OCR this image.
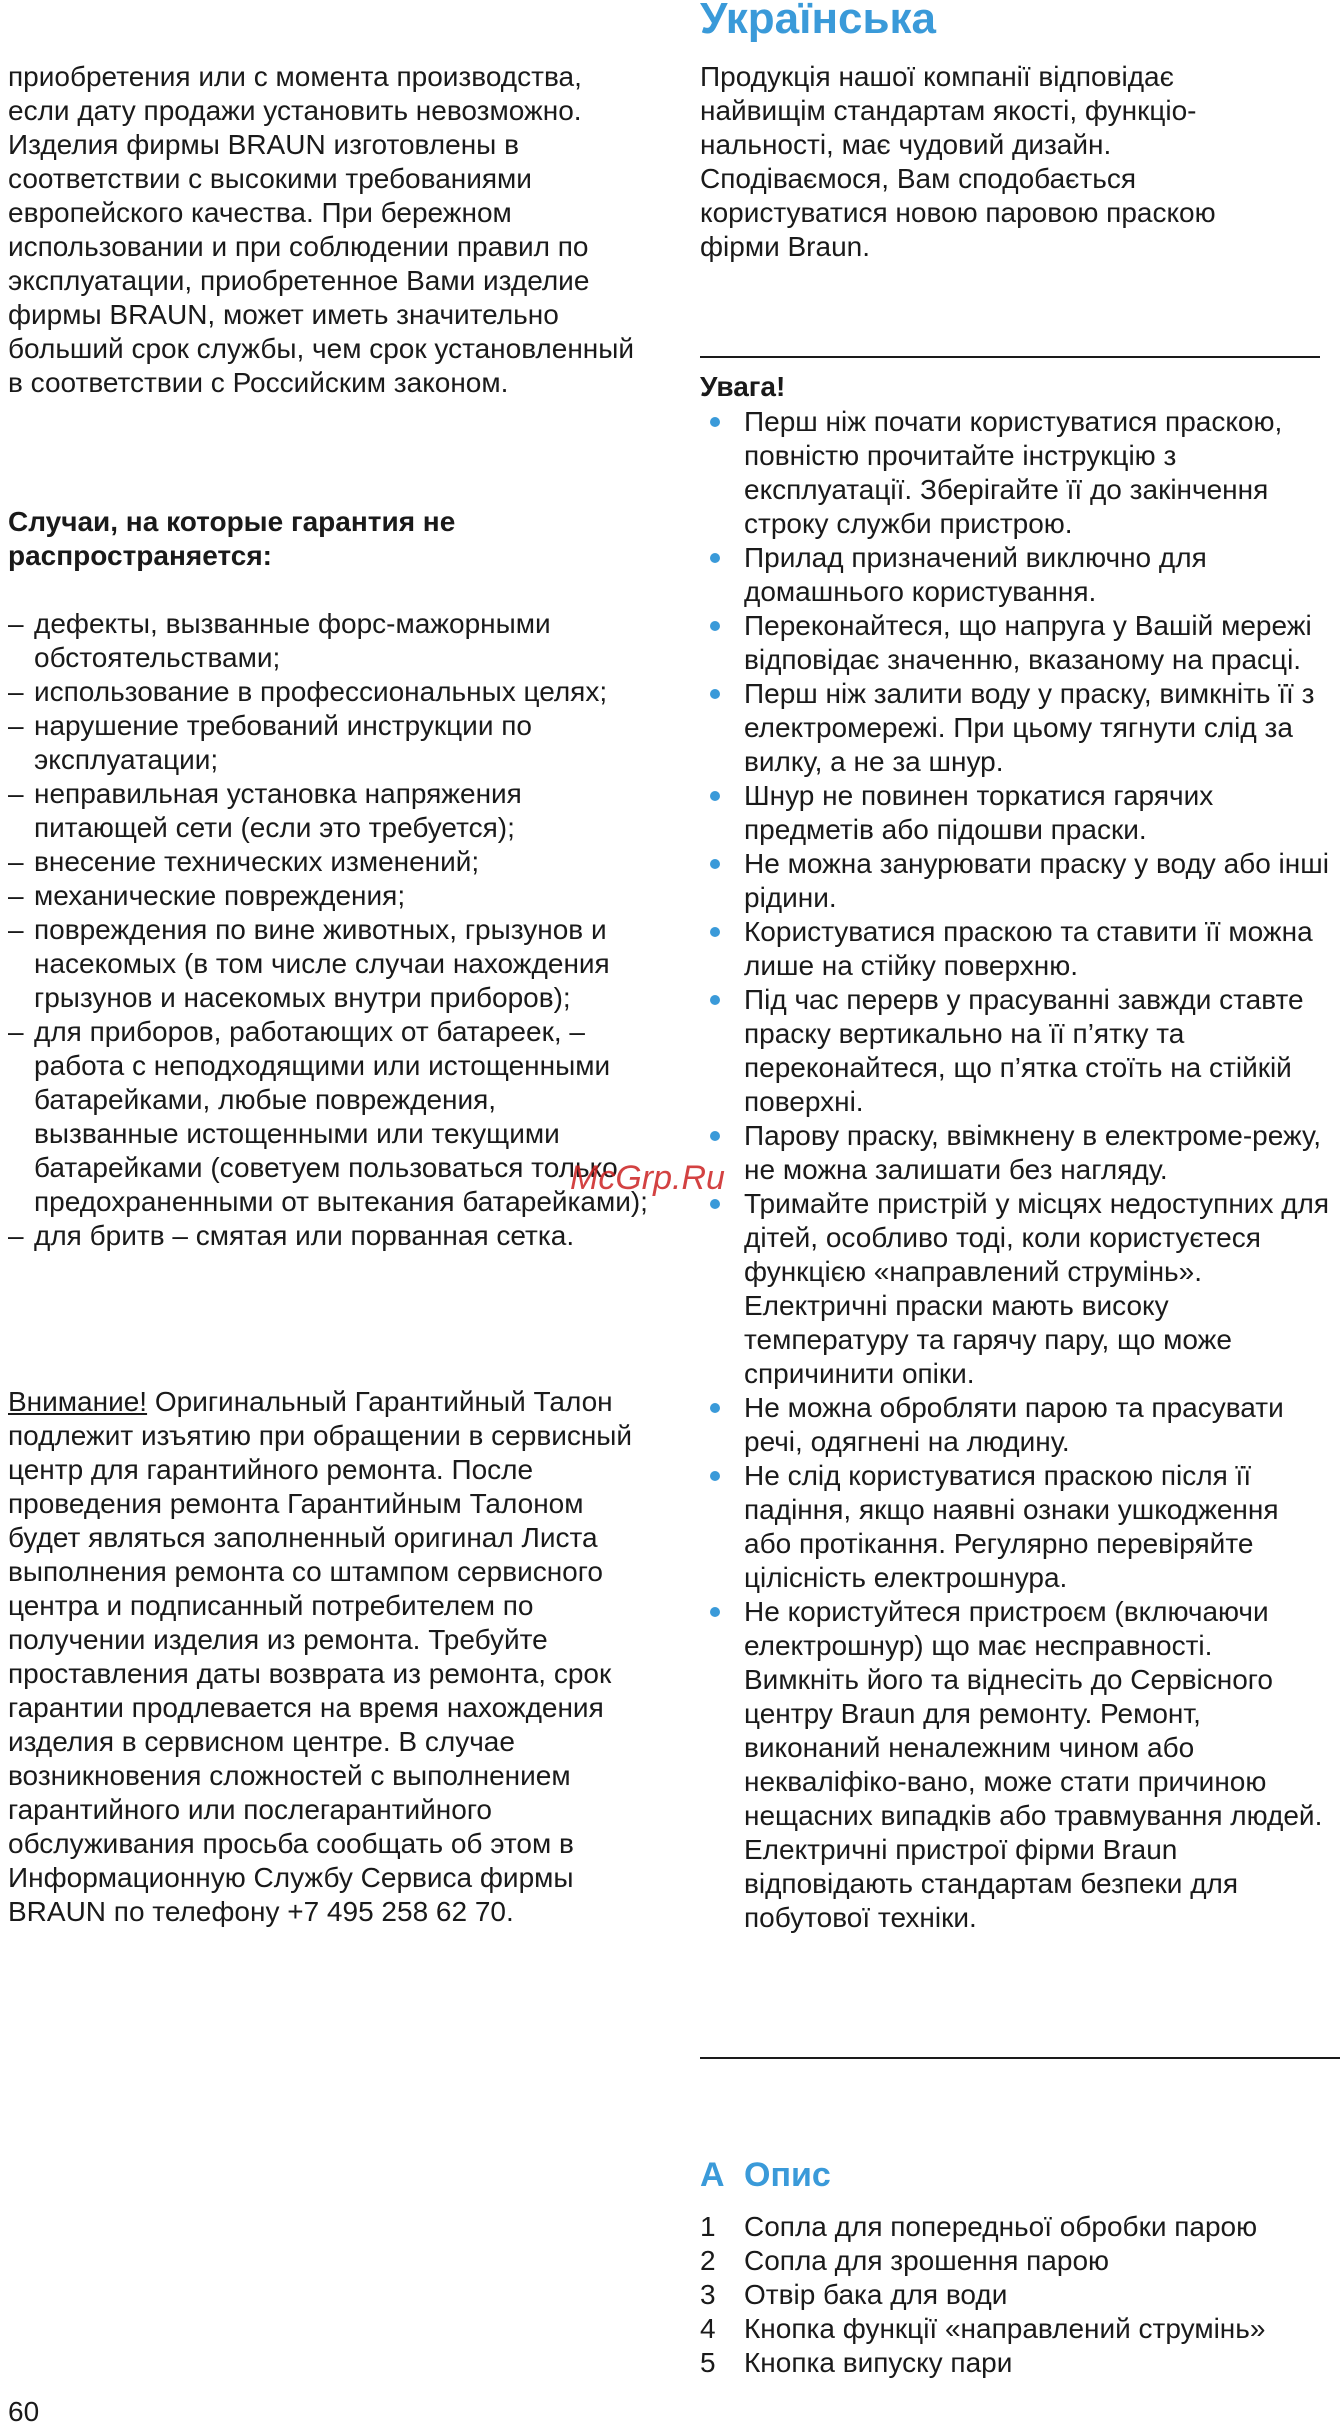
приобретения или с момента производства, если дату продажи установить невозможно. Изделия фирмы BRAUN изготовлены в соответствии с высокими требованиями европейского качества. При бережном использовании и при соблюдении правил по эксплуатации, приобретенное Вами изделие фирмы BRAUN, может иметь значительно больший срок службы, чем срок установленный в соответствии с Российским законом.

Случаи, на которые гарантия не распространяется:

– дефекты, вызванные форс-мажорными обстоятельствами;
– использование в профессиональных целях;
– нарушение требований инструкции по эксплуатации;
– неправильная установка напряжения питающей сети (если это требуется);
– внесение технических изменений;
– механические повреждения;
– повреждения по вине животных, грызунов и насекомых (в том числе случаи нахождения грызунов и насекомых внутри приборов);
– для приборов, работающих от батареек, – работа с неподходящими или истощенными батарейками, любые повреждения, вызванные истощенными или текущими батарейками (советуем пользоваться только предохраненными от вытекания батарейками);
– для бритв – смятая или порванная сетка.

Внимание! Оригинальный Гарантийный Талон подлежит изъятию при обращении в сервисный центр для гарантийного ремонта. После проведения ремонта Гарантийным Талоном будет являться заполненный оригинал Листа выполнения ремонта со штампом сервисного центра и подписанный потребителем по получении изделия из ремонта. Требуйте проставления даты возврата из ремонта, срок гарантии продлевается на время нахождения изделия в сервисном центре. В случае возникновения сложностей с выполнением гарантийного или послегарантийного обслуживания просьба сообщать об этом в Информационную Службу Сервиса фирмы BRAUN по телефону +7 495 258 62 70.

60
Українська

Продукція нашої компанії відповідає найвищім стандартам якості, функціо-нальності, має чудовий дизайн. Сподіваємося, Вам сподобається користуватися новою паровою праскою фірми Braun.

Увага!
Перш ніж почати користуватися праскою, повністю прочитайте інструкцію з експлуатації. Зберігайте її до закінчення строку служби пристрою.
Прилад призначений виключно для домашнього користування.
Переконайтеся, що напруга у Вашій мережі відповідає значенню, вказаному на прасці.
Перш ніж залити воду у праску, вимкніть її з електромережі. При цьому тягнути слід за вилку, а не за шнур.
Шнур не повинен торкатися гарячих предметів або підошви праски.
Не можна занурювати праску у воду або інші рідини.
Користуватися праскою та ставити її можна лише на стійку поверхню.
Під час перерв у прасуванні завжди ставте праску вертикально на її п’ятку та переконайтеся, що п’ятка стоїть на стійкій поверхні.
Парову праску, ввімкнену в електроме-режу, не можна залишати без нагляду.
Тримайте пристрій у місцях недоступних для дітей, особливо тоді, коли користуєтеся функцією «направлений струмінь». Електричні праски мають високу температуру та гарячу пару, що може спричинити опіки.
Не можна обробляти парою та прасувати речі, одягнені на людину.
Не слід користуватися праскою після її падіння, якщо наявні ознаки ушкодження або протікання. Регулярно перевіряйте цілісність електрошнура.
Не користуйтеся пристроєм (включаючи електрошнур) що має несправності. Вимкніть його та віднесіть до Сервісного центру Braun для ремонту. Ремонт, виконаний неналежним чином або некваліфіко-вано, може стати причиною нещасних випадків або травмування людей. Електричні пристрої фірми Braun відповідають стандартам безпеки для побутової техніки.
A Опис
1 Сопла для попередньої обробки парою
2 Сопла для зрошення парою
3 Отвір бака для води
4 Кнопка функції «направлений струмінь»
5 Кнопка випуску пари
McGrp.Ru
